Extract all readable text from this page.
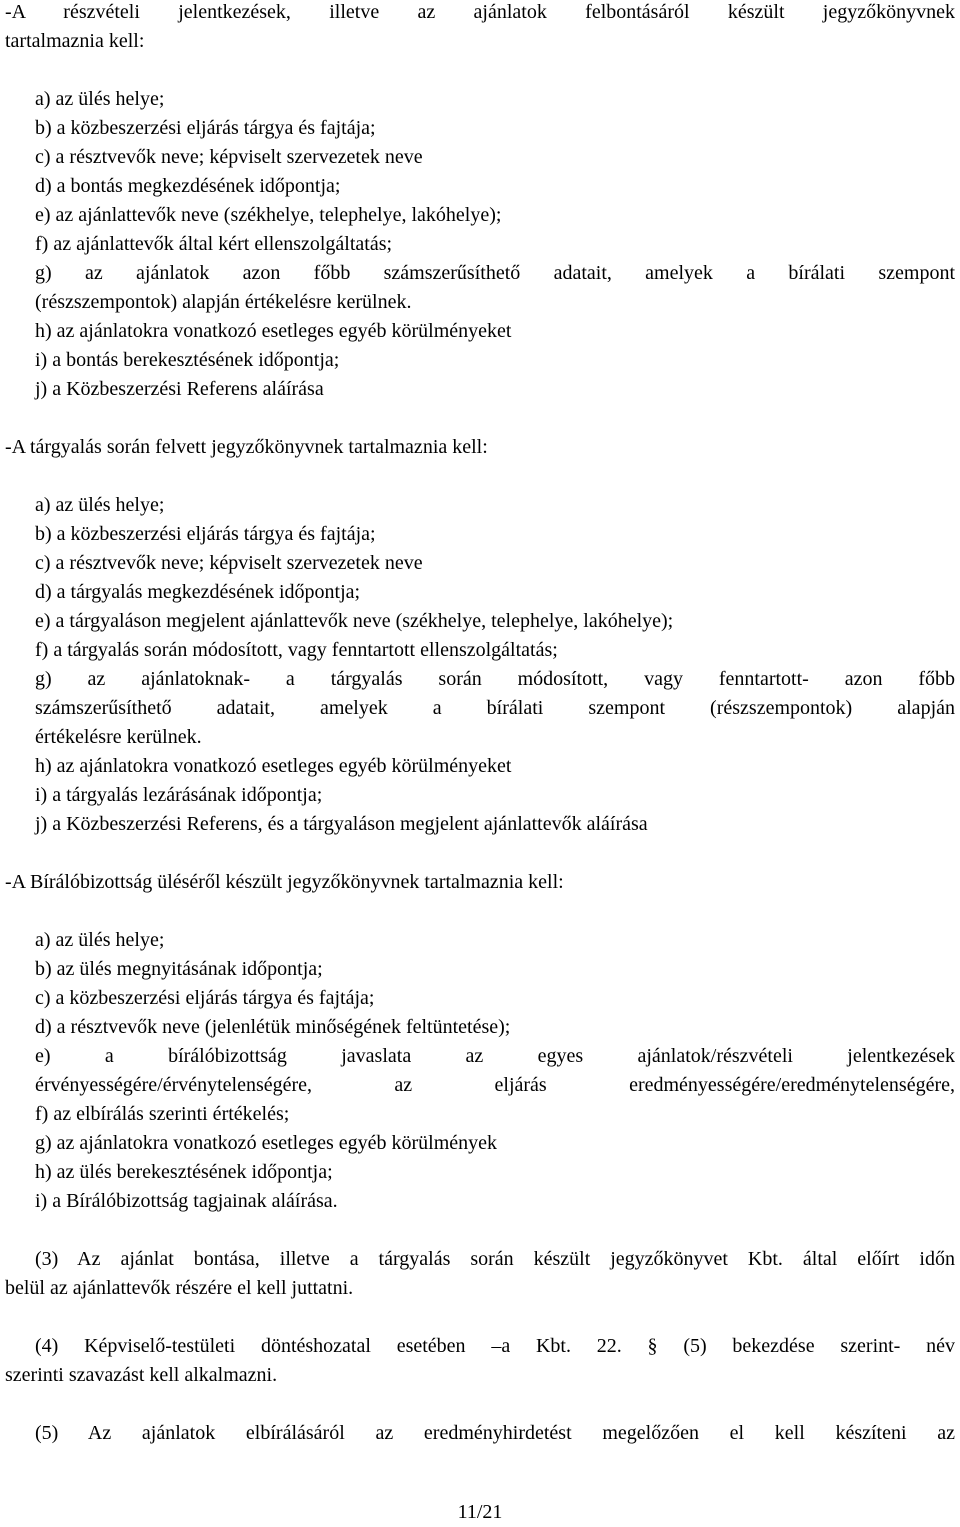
-A részvételi jelentkezések, illetve az ajánlatok felbontásáról készült jegyzőkönyvnek
tartalmaznia kell:
a) az ülés helye;
b) a közbeszerzési eljárás tárgya és fajtája;
c) a résztvevők neve; képviselt szervezetek neve
d) a bontás megkezdésének időpontja;
e) az ajánlattevők neve (székhelye, telephelye, lakóhelye);
f) az ajánlattevők által kért ellenszolgáltatás;
g) az ajánlatok azon főbb számszerűsíthető adatait, amelyek a bírálati szempont
(részszempontok) alapján értékelésre kerülnek.
h) az ajánlatokra vonatkozó esetleges egyéb körülményeket
i) a bontás berekesztésének időpontja;
j) a Közbeszerzési Referens aláírása
-A tárgyalás során felvett jegyzőkönyvnek tartalmaznia kell:
a) az ülés helye;
b) a közbeszerzési eljárás tárgya és fajtája;
c) a résztvevők neve; képviselt szervezetek neve
d) a tárgyalás megkezdésének időpontja;
e) a tárgyaláson megjelent ajánlattevők neve (székhelye, telephelye, lakóhelye);
f) a tárgyalás során módosított, vagy fenntartott ellenszolgáltatás;
g) az ajánlatoknak- a tárgyalás során módosított, vagy fenntartott- azon főbb
számszerűsíthető adatait, amelyek a bírálati szempont (részszempontok) alapján
értékelésre kerülnek.
h) az ajánlatokra vonatkozó esetleges egyéb körülményeket
i) a tárgyalás lezárásának időpontja;
j) a Közbeszerzési Referens, és a tárgyaláson megjelent ajánlattevők aláírása
-A Bírálóbizottság üléséről készült jegyzőkönyvnek tartalmaznia kell:
a) az ülés helye;
b) az ülés megnyitásának időpontja;
c) a közbeszerzési eljárás tárgya és fajtája;
d) a résztvevők neve (jelenlétük minőségének feltüntetése);
e) a bírálóbizottság javaslata az egyes ajánlatok/részvételi jelentkezések
érvényességére/érvénytelenségére, az eljárás eredményességére/eredménytelenségére,
f) az elbírálás szerinti értékelés;
g) az ajánlatokra vonatkozó esetleges egyéb körülmények
h) az ülés berekesztésének időpontja;
i) a Bírálóbizottság tagjainak aláírása.
(3) Az ajánlat bontása, illetve a tárgyalás során készült jegyzőkönyvet Kbt. által előírt időn
belül az ajánlattevők részére el kell juttatni.
(4) Képviselő-testületi döntéshozatal esetében –a Kbt. 22. § (5) bekezdése szerint- név
szerinti szavazást kell alkalmazni.
(5) Az ajánlatok elbírálásáról az eredményhirdetést megelőzően el kell készíteni az
11/21
